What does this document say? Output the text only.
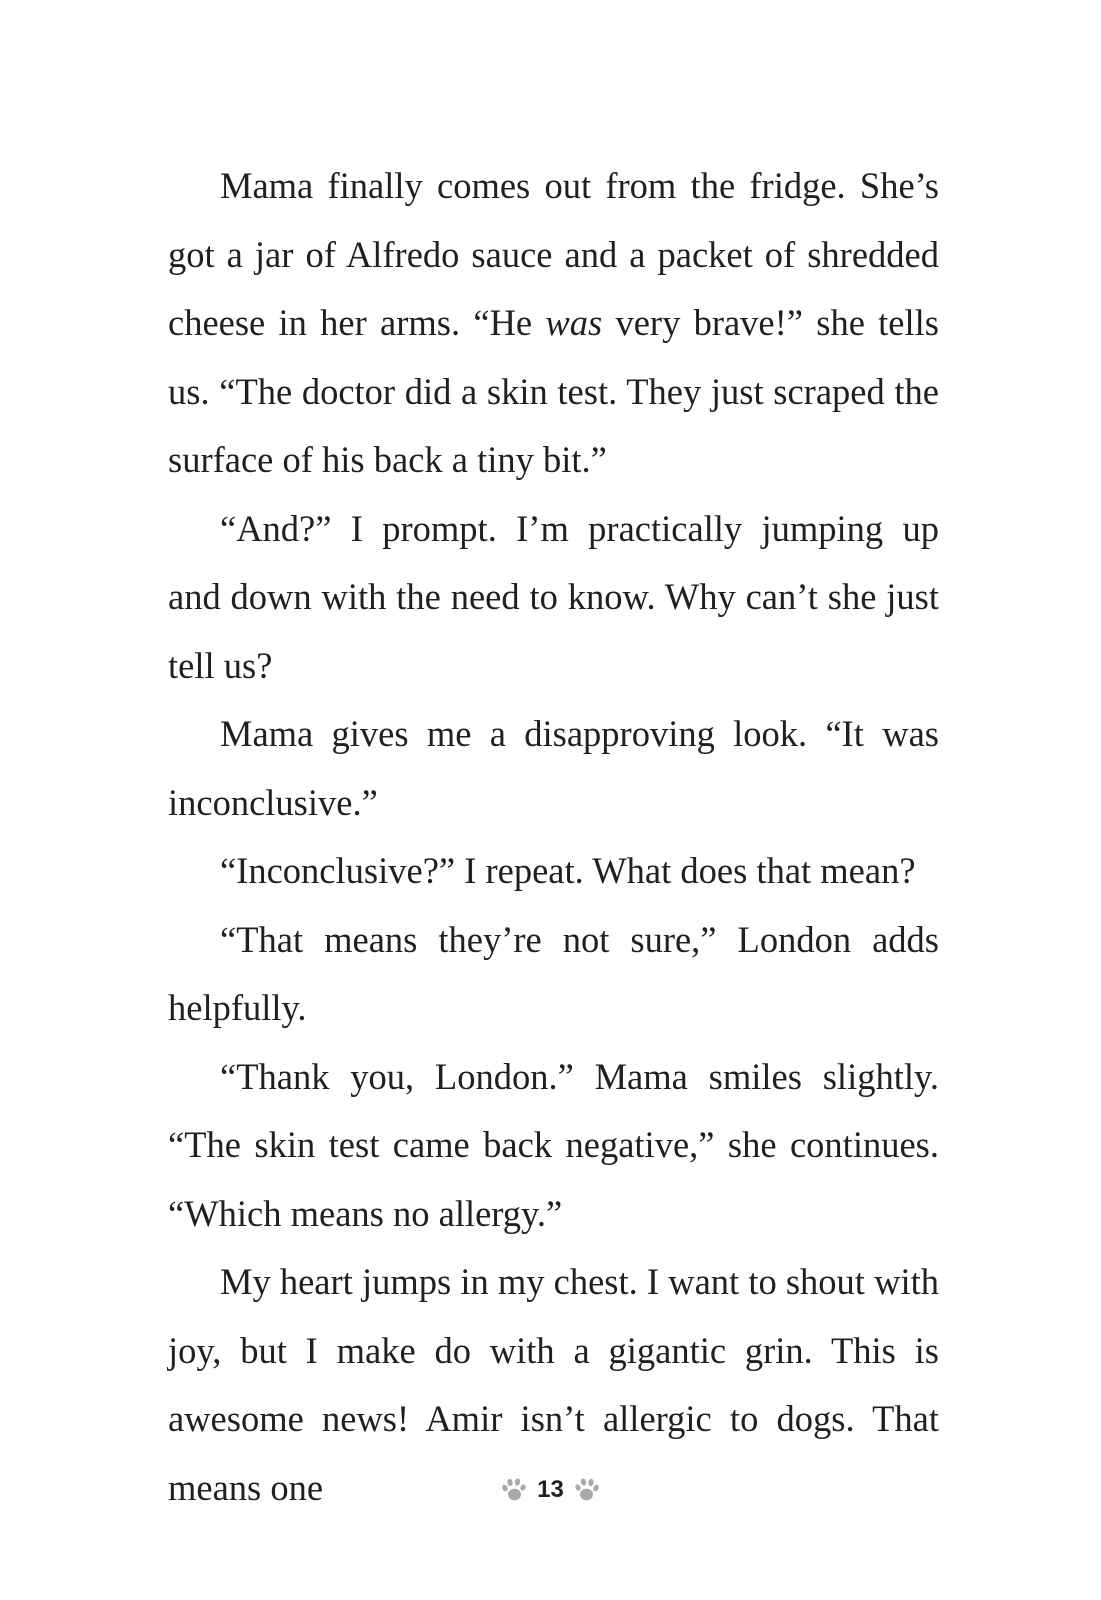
Mama finally comes out from the fridge. She’s got a jar of Alfredo sauce and a packet of shredded cheese in her arms. “He was very brave!” she tells us. “The doctor did a skin test. They just scraped the surface of his back a tiny bit.”

“And?” I prompt. I’m practically jumping up and down with the need to know. Why can’t she just tell us?

Mama gives me a disapproving look. “It was inconclusive.”

“Inconclusive?” I repeat. What does that mean?

“That means they’re not sure,” London adds helpfully.

“Thank you, London.” Mama smiles slightly. “The skin test came back negative,” she continues. “Which means no allergy.”

My heart jumps in my chest. I want to shout with joy, but I make do with a gigantic grin. This is awesome news! Amir isn’t allergic to dogs. That means one	13
